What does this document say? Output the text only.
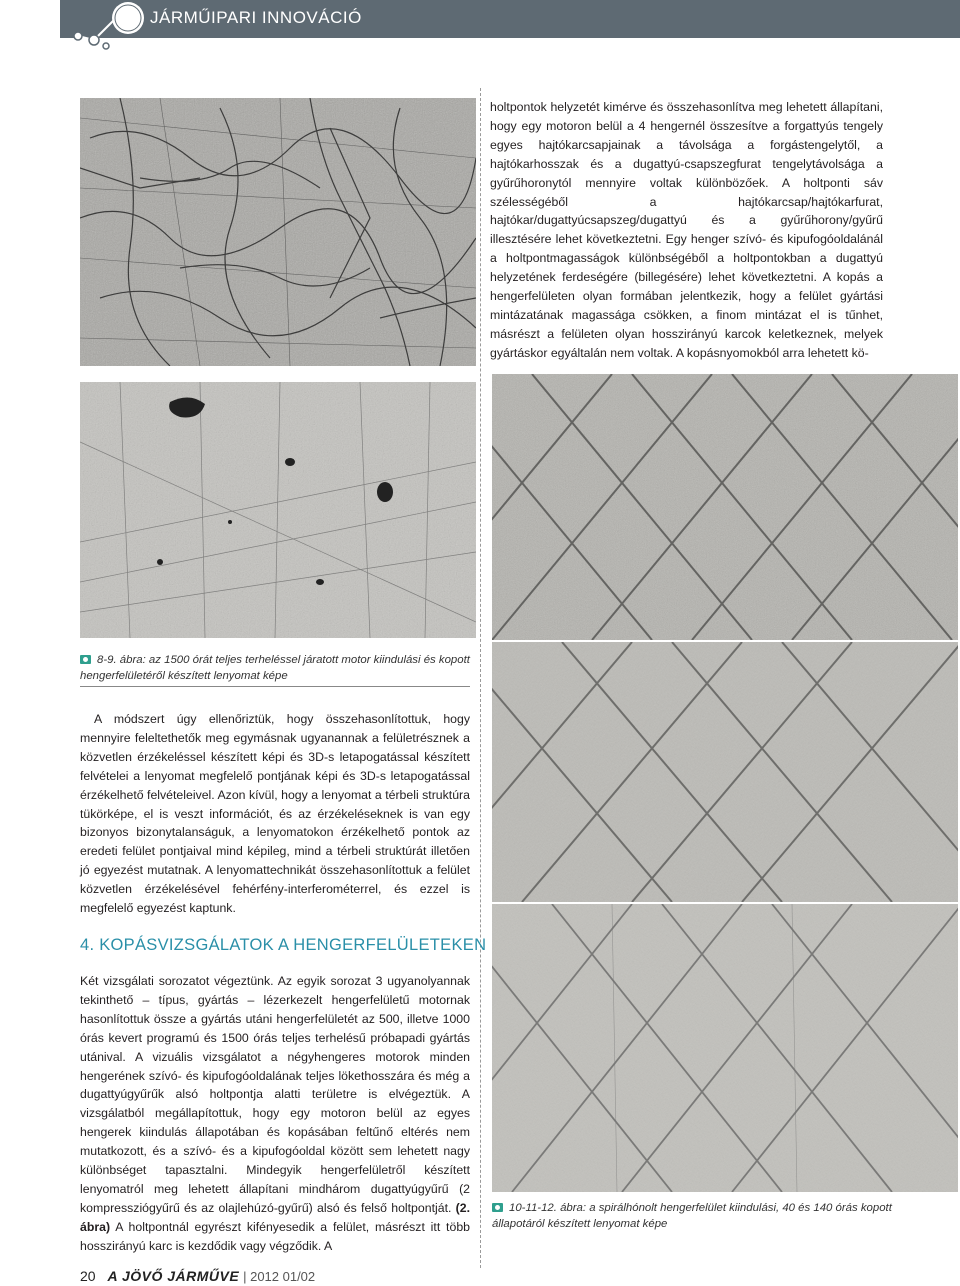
JÁRMŰIPARI INNOVÁCIÓ

holtpontok helyzetét kimérve és összehasonlítva meg lehetett állapítani, hogy egy motoron belül a 4 hengernél összesítve a forgattyús tengely egyes hajtókarcsapjainak a távolsága a forgástengelytől, a hajtókarhosszak és a dugattyú-csapszegfurat tengelytávolsága a gyűrűhoronytól mennyire voltak különbözőek. A holtponti sáv szélességéből a hajtókarcsap/hajtókarfurat, hajtókar/dugattyúcsapszeg/dugattyú és a gyűrűhorony/gyűrű illesztésére lehet következtetni. Egy henger szívó- és kipufogóoldalánál a holtpontmagasságok különbségéből a holtpontokban a dugattyú helyzetének ferdeségére (billegésére) lehet következtetni. A kopás a hengerfelületen olyan formában jelentkezik, hogy a felület gyártási mintázatának magassága csökken, a finom mintázat el is tűnhet, másrészt a felületen olyan hosszirányú karcok keletkeznek, melyek gyártáskor egyáltalán nem voltak. A kopásnyomokból arra lehetett kö-

8-9. ábra: az 1500 órát teljes terheléssel járatott motor kiindulási és kopott hengerfelületéről készített lenyomat képe

A módszert úgy ellenőriztük, hogy összehasonlítottuk, hogy mennyire feleltethetők meg egymásnak ugyanannak a felületrésznek a közvetlen érzékeléssel készített képi és 3D-s letapogatással készített felvételei a lenyomat megfelelő pontjának képi és 3D-s letapogatással érzékelhető felvételeivel. Azon kívül, hogy a lenyomat a térbeli struktúra tükörképe, el is veszt információt, és az érzékeléseknek is van egy bizonyos bizonytalanságuk, a lenyomatokon érzékelhető pontok az eredeti felület pontjaival mind képileg, mind a térbeli struktúrát illetően jó egyezést mutatnak. A lenyomattechnikát összehasonlítottuk a felület közvetlen érzékelésével fehérfény-interferométerrel, és ezzel is megfelelő egyezést kaptunk.

4. KOPÁSVIZSGÁLATOK A HENGERFELÜLETEKEN

Két vizsgálati sorozatot végeztünk. Az egyik sorozat 3 ugyanolyannak tekinthető – típus, gyártás – lézerkezelt hengerfelületű motornak hasonlítottuk össze a gyártás utáni hengerfelületét az 500, illetve 1000 órás kevert programú és 1500 órás teljes terhelésű próbapadi gyártás utánival. A vizuális vizsgálatot a négyhengeres motorok minden hengerének szívó- és kipufogóoldalának teljes lökethosszára és még a dugattyúgyűrűk alsó holtpontja alatti területre is elvégeztük. A vizsgálatból megállapítottuk, hogy egy motoron belül az egyes hengerek kiindulás állapotában és kopásában feltűnő eltérés nem mutatkozott, és a szívó- és a kipufogóoldal között sem lehetett nagy különbséget tapasztalni. Mindegyik hengerfelületről készített lenyomatról meg lehetett állapítani mindhárom dugattyúgyűrű (2 kompressziógyűrű és az olajlehúzó-gyűrű) alsó és felső holtpontját. (2. ábra) A holtpontnál egyrészt kifényesedik a felület, másrészt itt több hosszirányú karc is kezdődik vagy végződik. A

10-11-12. ábra: a spirálhónolt hengerfelület kiindulási, 40 és 140 órás kopott állapotáról készített lenyomat képe
20 A JÖVŐ JÁRMŰVE | 2012 01/02
